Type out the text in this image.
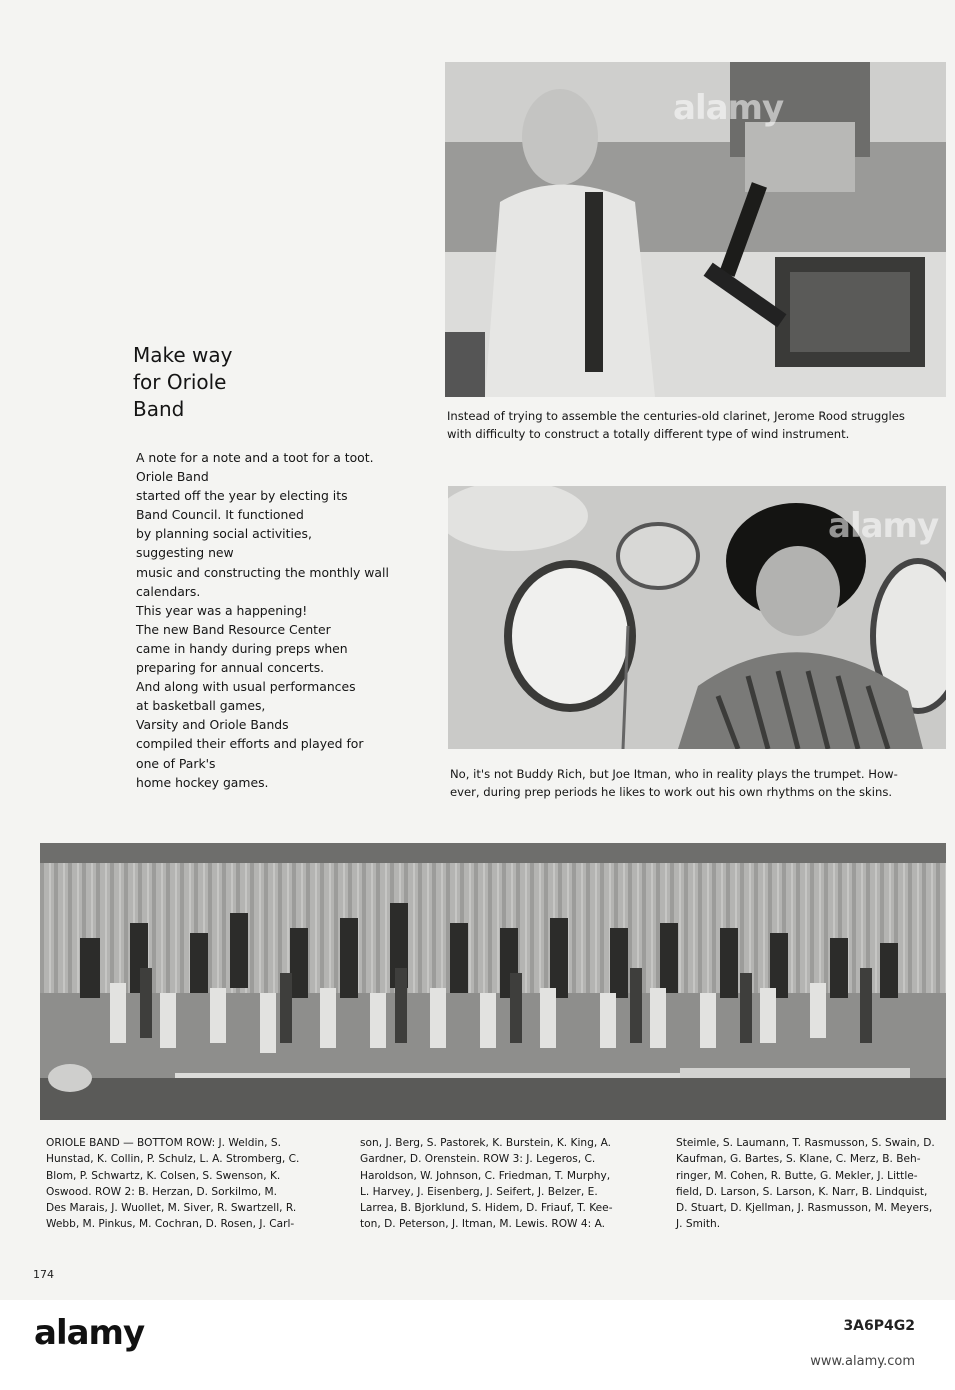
alamy
Instead of trying to assemble the centuries-old clarinet, Jerome Rood struggles
with difficulty to construct a totally different type of wind instrument.
alamy
No, it's not Buddy Rich, but Joe Itman, who in reality plays the trumpet. How-
ever, during prep periods he likes to work out his own rhythms on the skins.
Make way
for Oriole
Band
A note for a note and a toot for a toot.
Oriole Band
started off the year by electing its
Band Council. It functioned
by planning social activities,
suggesting new
music and constructing the monthly wall
calendars.
This year was a happening!
The new Band Resource Center
came in handy during preps when
preparing for annual concerts.
And along with usual performances
at basketball games,
Varsity and Oriole Bands
compiled their efforts and played for
one of Park's
home hockey games.
ORIOLE BAND — BOTTOM ROW: J. Weldin, S.
Hunstad, K. Collin, P. Schulz, L. A. Stromberg, C.
Blom, P. Schwartz, K. Colsen, S. Swenson, K.
Oswood. ROW 2: B. Herzan, D. Sorkilmo, M.
Des Marais, J. Wuollet, M. Siver, R. Swartzell, R.
Webb, M. Pinkus, M. Cochran, D. Rosen, J. Carl-
son, J. Berg, S. Pastorek, K. Burstein, K. King, A.
Gardner, D. Orenstein. ROW 3: J. Legeros, C.
Haroldson, W. Johnson, C. Friedman, T. Murphy,
L. Harvey, J. Eisenberg, J. Seifert, J. Belzer, E.
Larrea, B. Bjorklund, S. Hidem, D. Friauf, T. Kee-
ton, D. Peterson, J. Itman, M. Lewis. ROW 4: A.
Steimle, S. Laumann, T. Rasmusson, S. Swain, D.
Kaufman, G. Bartes, S. Klane, C. Merz, B. Beh-
ringer, M. Cohen, R. Butte, G. Mekler, J. Little-
field, D. Larson, S. Larson, K. Narr, B. Lindquist,
D. Stuart, D. Kjellman, J. Rasmusson, M. Meyers,
J. Smith.
174
alamy	3A6P4G2
www.alamy.com
